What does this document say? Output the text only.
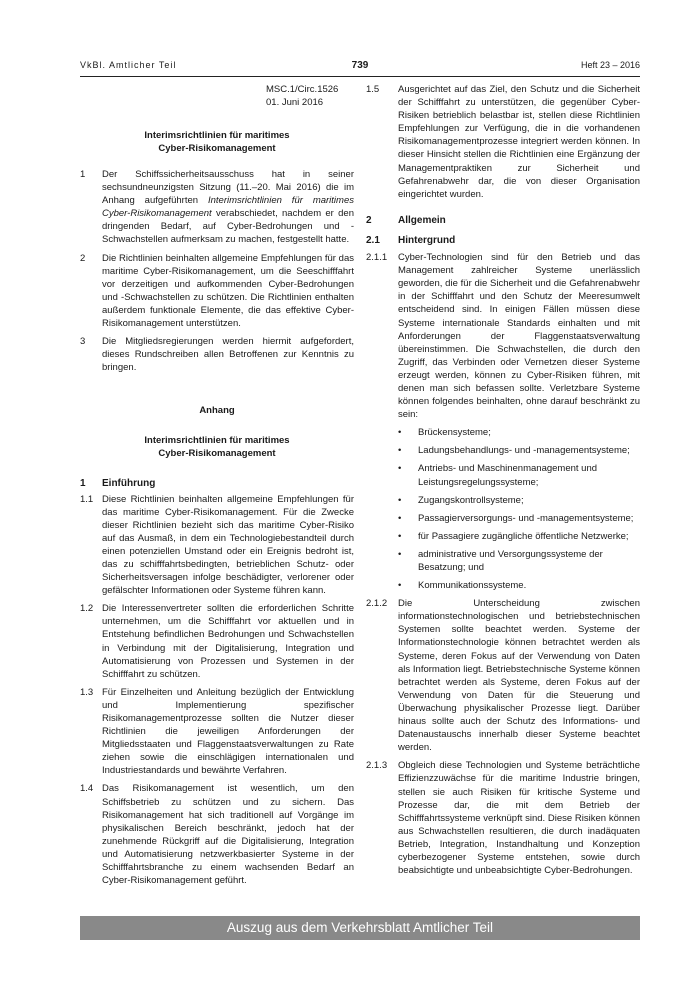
VkBl. Amtlicher Teil	739	Heft 23 – 2016
MSC.1/Circ.1526
01. Juni 2016
Interimsrichtlinien für maritimes
Cyber-Risikomanagement
1	Der Schiffssicherheitsausschuss hat in seiner sechsundneunzigsten Sitzung (11.–20. Mai 2016) die im Anhang aufgeführten Interimsrichtlinien für maritimes Cyber-Risikomanagement verabschiedet, nachdem er den dringenden Bedarf, auf Cyber-Bedrohungen und -Schwachstellen aufmerksam zu machen, festgestellt hatte.
2	Die Richtlinien beinhalten allgemeine Empfehlungen für das maritime Cyber-Risikomanagement, um die Seeschifffahrt vor derzeitigen und aufkommenden Cyber-Bedrohungen und -Schwachstellen zu schützen. Die Richtlinien enthalten außerdem funktionale Elemente, die das effektive Cyber-Risikomanagement unterstützen.
3	Die Mitgliedsregierungen werden hiermit aufgefordert, dieses Rundschreiben allen Betroffenen zur Kenntnis zu bringen.
Anhang
Interimsrichtlinien für maritimes
Cyber-Risikomanagement
1	Einführung
1.1 Diese Richtlinien beinhalten allgemeine Empfehlungen für das maritime Cyber-Risikomanagement. Für die Zwecke dieser Richtlinien bezieht sich das maritime Cyber-Risiko auf das Ausmaß, in dem ein Technologiebestandteil durch einen potenziellen Umstand oder ein Ereignis bedroht ist, das zu schifffahrtsbedingten, betrieblichen Schutz- oder Sicherheitsversagen infolge beschädigter, verlorener oder gefälschter Informationen oder Systeme führen kann.
1.2 Die Interessenvertreter sollten die erforderlichen Schritte unternehmen, um die Schifffahrt vor aktuellen und in Entstehung befindlichen Bedrohungen und Schwachstellen in Verbindung mit der Digitalisierung, Integration und Automatisierung von Prozessen und Systemen in der Schifffahrt zu schützen.
1.3 Für Einzelheiten und Anleitung bezüglich der Entwicklung und Implementierung spezifischer Risikomanagementprozesse sollten die Nutzer dieser Richtlinien die jeweiligen Anforderungen der Mitgliedsstaaten und Flaggenstaatsverwaltungen zu Rate ziehen sowie die einschlägigen internationalen und Industriestandards und bewährte Verfahren.
1.4 Das Risikomanagement ist wesentlich, um den Schiffsbetrieb zu schützen und zu sichern. Das Risikomanagement hat sich traditionell auf Vorgänge im physikalischen Bereich beschränkt, jedoch hat der zunehmende Rückgriff auf die Digitalisierung, Integration und Automatisierung netzwerkbasierter Systeme in der Schifffahrtsbranche zu einem wachsenden Bedarf an Cyber-Risikomanagement geführt.
1.5	Ausgerichtet auf das Ziel, den Schutz und die Sicherheit der Schifffahrt zu unterstützen, die gegenüber Cyber-Risiken betrieblich belastbar ist, stellen diese Richtlinien Empfehlungen zur Verfügung, die in die vorhandenen Risikomanagementprozesse integriert werden können. In dieser Hinsicht stellen die Richtlinien eine Ergänzung der Managementpraktiken zur Sicherheit und Gefahrenabwehr dar, die von dieser Organisation eingerichtet wurden.
2	Allgemein
2.1	Hintergrund
2.1.1	Cyber-Technologien sind für den Betrieb und das Management zahlreicher Systeme unerlässlich geworden, die für die Sicherheit und die Gefahrenabwehr in der Schifffahrt und den Schutz der Meeresumwelt entscheidend sind. In einigen Fällen müssen diese Systeme internationale Standards einhalten und mit Anforderungen der Flaggenstaatsverwaltung übereinstimmen. Die Schwachstellen, die durch den Zugriff, das Verbinden oder Vernetzen dieser Systeme erzeugt werden, können zu Cyber-Risiken führen, mit denen man sich befassen sollte. Verletzbare Systeme können folgendes beinhalten, ohne darauf beschränkt zu sein:
•	Brückensysteme;
•	Ladungsbehandlungs- und -managementsysteme;
•	Antriebs- und Maschinenmanagement und Leistungsregelungssysteme;
•	Zugangskontrollsysteme;
•	Passagierversorgungs- und -managementsysteme;
•	für Passagiere zugängliche öffentliche Netzwerke;
•	administrative und Versorgungssysteme der Besatzung; und
•	Kommunikationssysteme.
2.1.2	Die Unterscheidung zwischen informationstechnologischen und betriebstechnischen Systemen sollte beachtet werden. Systeme der Informationstechnologie können betrachtet werden als Systeme, deren Fokus auf der Verwendung von Daten als Information liegt. Betriebstechnische Systeme können betrachtet werden als Systeme, deren Fokus auf der Verwendung von Daten für die Steuerung und Überwachung physikalischer Prozesse liegt. Darüber hinaus sollte auch der Schutz des Informations- und Datenaustauschs innerhalb dieser Systeme beachtet werden.
2.1.3	Obgleich diese Technologien und Systeme beträchtliche Effizienzzuwächse für die maritime Industrie bringen, stellen sie auch Risiken für kritische Systeme und Prozesse dar, die mit dem Betrieb der Schifffahrtssysteme verknüpft sind. Diese Risiken können aus Schwachstellen resultieren, die durch inadäquaten Betrieb, Integration, Instandhaltung und Konzeption cyberbezogener Systeme entstehen, sowie durch beabsichtigte und unbeabsichtigte Cyber-Bedrohungen.
Auszug aus dem Verkehrsblatt Amtlicher Teil
